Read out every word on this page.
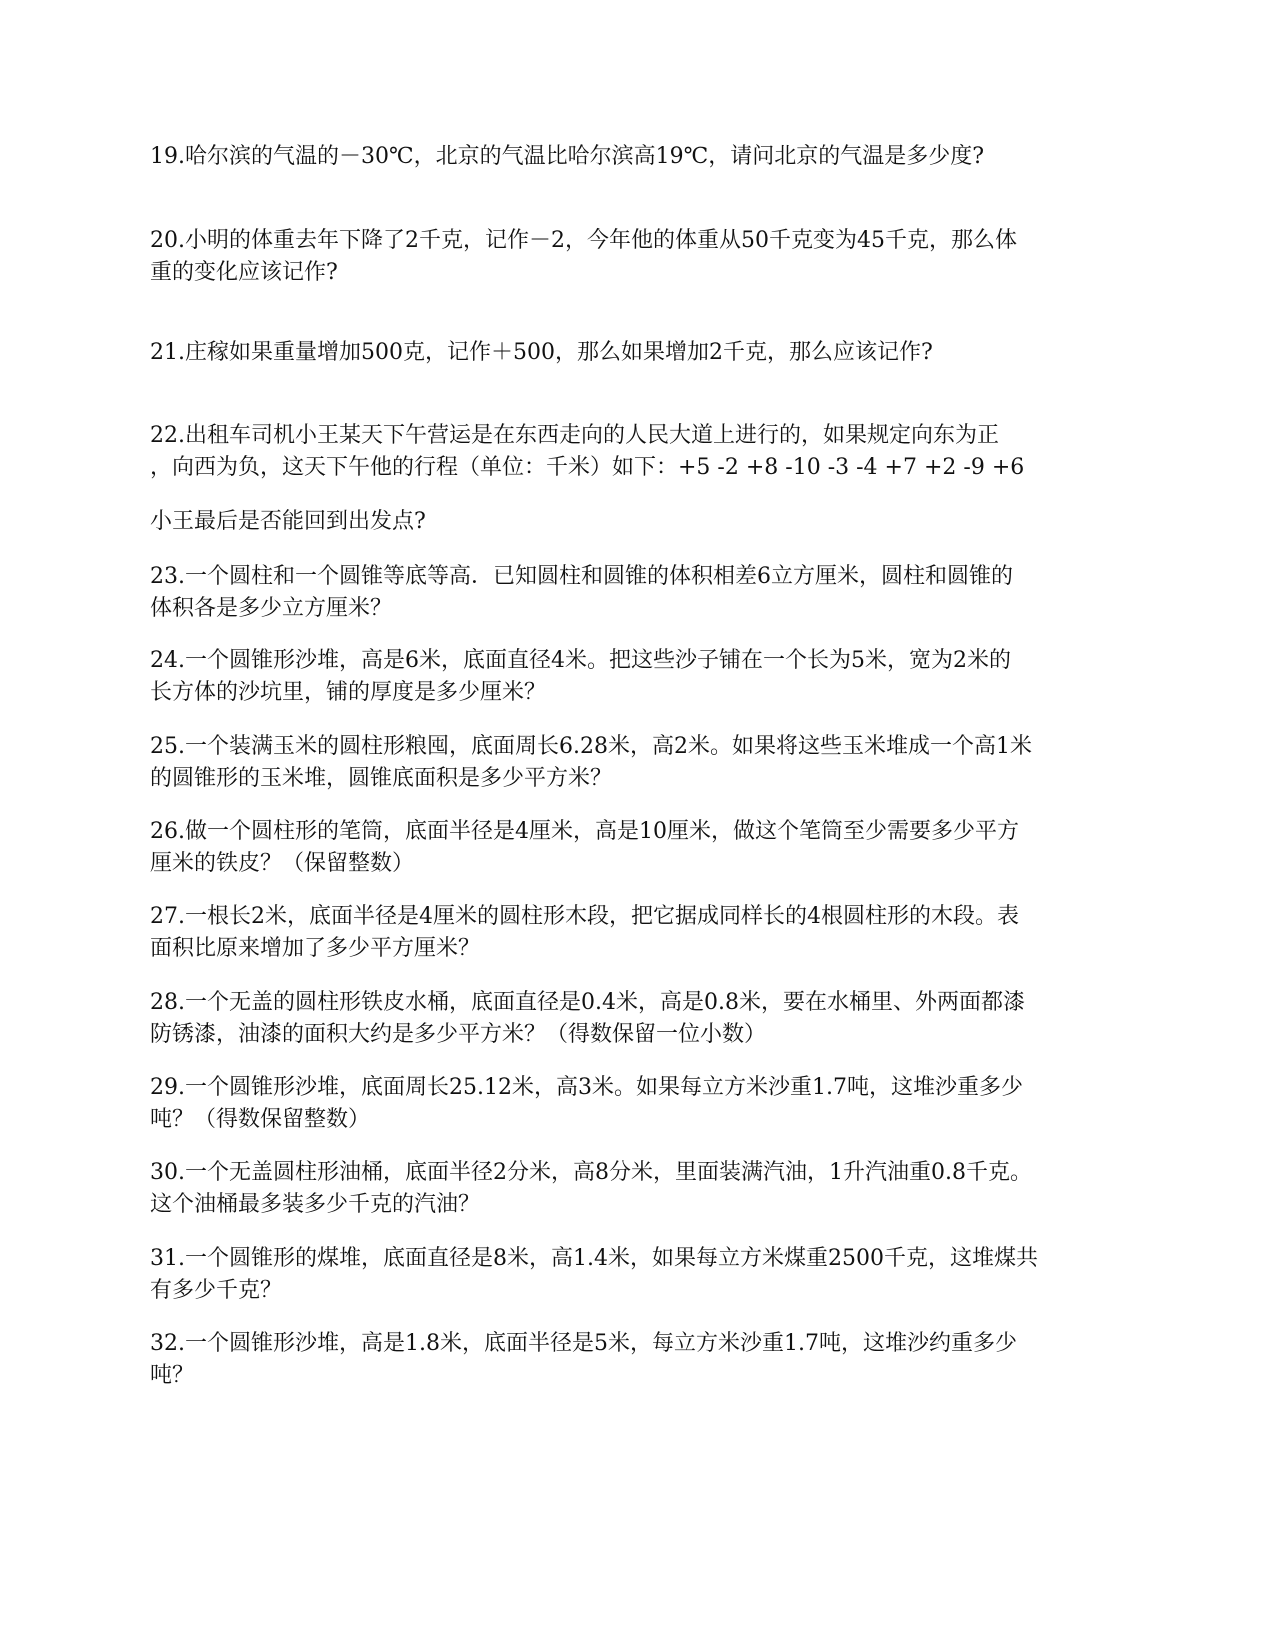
19.哈尔滨的气温的－30℃，北京的气温比哈尔滨高19℃，请问北京的气温是多少度?
20.小明的体重去年下降了2千克，记作－2，今年他的体重从50千克变为45千克，那么体
重的变化应该记作?
21.庄稼如果重量增加500克，记作＋500，那么如果增加2千克，那么应该记作?
22.出租车司机小王某天下午营运是在东西走向的人民大道上进行的，如果规定向东为正
，向西为负，这天下午他的行程（单位：千米）如下：+5 -2 +8 -10 -3 -4 +7 +2 -9 +6
小王最后是否能回到出发点?
23.一个圆柱和一个圆锥等底等高．已知圆柱和圆锥的体积相差6立方厘米，圆柱和圆锥的
体积各是多少立方厘米？
24.一个圆锥形沙堆，高是6米，底面直径4米。把这些沙子铺在一个长为5米，宽为2米的
长方体的沙坑里，铺的厚度是多少厘米？
25.一个装满玉米的圆柱形粮囤，底面周长6.28米，高2米。如果将这些玉米堆成一个高1米
的圆锥形的玉米堆，圆锥底面积是多少平方米？
26.做一个圆柱形的笔筒，底面半径是4厘米，高是10厘米，做这个笔筒至少需要多少平方
厘米的铁皮？（保留整数）
27.一根长2米，底面半径是4厘米的圆柱形木段，把它据成同样长的4根圆柱形的木段。表
面积比原来增加了多少平方厘米？
28.一个无盖的圆柱形铁皮水桶，底面直径是0.4米，高是0.8米，要在水桶里、外两面都漆
防锈漆，油漆的面积大约是多少平方米？（得数保留一位小数）
29.一个圆锥形沙堆，底面周长25.12米，高3米。如果每立方米沙重1.7吨，这堆沙重多少
吨？（得数保留整数）
30.一个无盖圆柱形油桶，底面半径2分米，高8分米，里面装满汽油，1升汽油重0.8千克。
这个油桶最多装多少千克的汽油？
31.一个圆锥形的煤堆，底面直径是8米，高1.4米，如果每立方米煤重2500千克，这堆煤共
有多少千克？
32.一个圆锥形沙堆，高是1.8米，底面半径是5米，每立方米沙重1.7吨，这堆沙约重多少
吨？
